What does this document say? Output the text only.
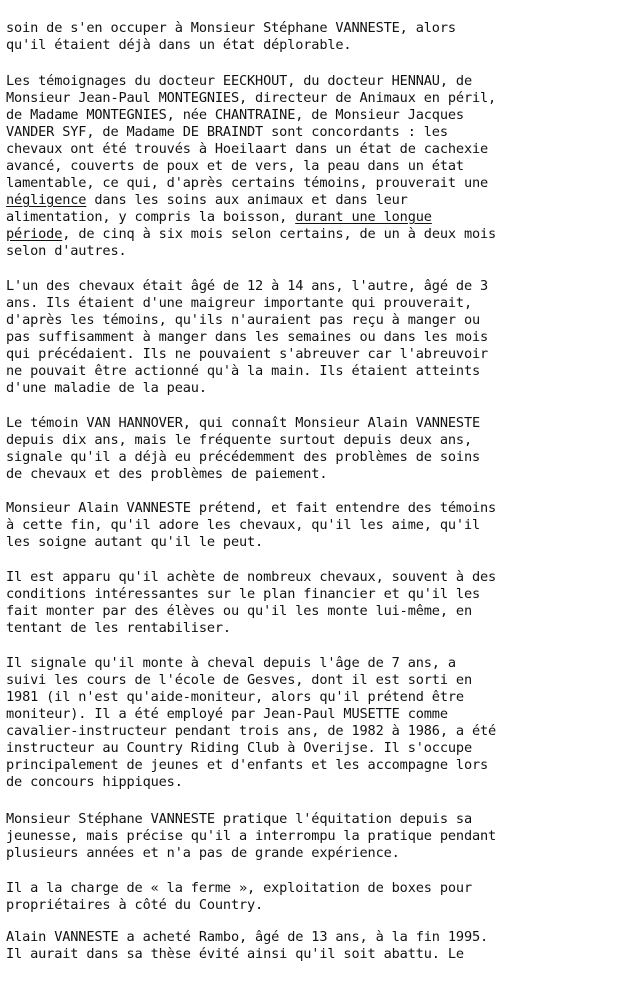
soin de s'en occuper à Monsieur Stéphane VANNESTE, alors
qu'il étaient déjà dans un état déplorable.

Les témoignages du docteur EECKHOUT, du docteur HENNAU, de
Monsieur Jean-Paul MONTEGNIES, directeur de Animaux en péril,
de Madame MONTEGNIES, née CHANTRAINE, de Monsieur Jacques
VANDER SYF, de Madame DE BRAINDT sont concordants : les
chevaux ont été trouvés à Hoeilaart dans un état de cachexie
avancé, couverts de poux et de vers, la peau dans un état
lamentable, ce qui, d'après certains témoins, prouverait une
négligence dans les soins aux animaux et dans leur
alimentation, y compris la boisson, durant une longue
période, de cinq à six mois selon certains, de un à deux mois
selon d'autres.

L'un des chevaux était âgé de 12 à 14 ans, l'autre, âgé de 3
ans. Ils étaient d'une maigreur importante qui prouverait,
d'après les témoins, qu'ils n'auraient pas reçu à manger ou
pas suffisamment à manger dans les semaines ou dans les mois
qui précédaient. Ils ne pouvaient s'abreuver car l'abreuvoir
ne pouvait être actionné qu'à la main. Ils étaient atteints
d'une maladie de la peau.

Le témoin VAN HANNOVER, qui connaît Monsieur Alain VANNESTE
depuis dix ans, mais le fréquente surtout depuis deux ans,
signale qu'il a déjà eu précédemment des problèmes de soins
de chevaux et des problèmes de paiement.

Monsieur Alain VANNESTE prétend, et fait entendre des témoins
à cette fin, qu'il adore les chevaux, qu'il les aime, qu'il
les soigne autant qu'il le peut.

Il est apparu qu'il achète de nombreux chevaux, souvent à des
conditions intéressantes sur le plan financier et qu'il les
fait monter par des élèves ou qu'il les monte lui-même, en
tentant de les rentabiliser.

Il signale qu'il monte à cheval depuis l'âge de 7 ans, a
suivi les cours de l'école de Gesves, dont il est sorti en
1981 (il n'est qu'aide-moniteur, alors qu'il prétend être
moniteur). Il a été employé par Jean-Paul MUSETTE comme
cavalier-instructeur pendant trois ans, de 1982 à 1986, a été
instructeur au Country Riding Club à Overijse. Il s'occupe
principalement de jeunes et d'enfants et les accompagne lors
de concours hippiques.

Monsieur Stéphane VANNESTE pratique l'équitation depuis sa
jeunesse, mais précise qu'il a interrompu la pratique pendant
plusieurs années et n'a pas de grande expérience.

Il a la charge de « la ferme », exploitation de boxes pour
propriétaires à côté du Country.

Alain VANNESTE a acheté Rambo, âgé de 13 ans, à la fin 1995.
Il aurait dans sa thèse évité ainsi qu'il soit abattu. Le
